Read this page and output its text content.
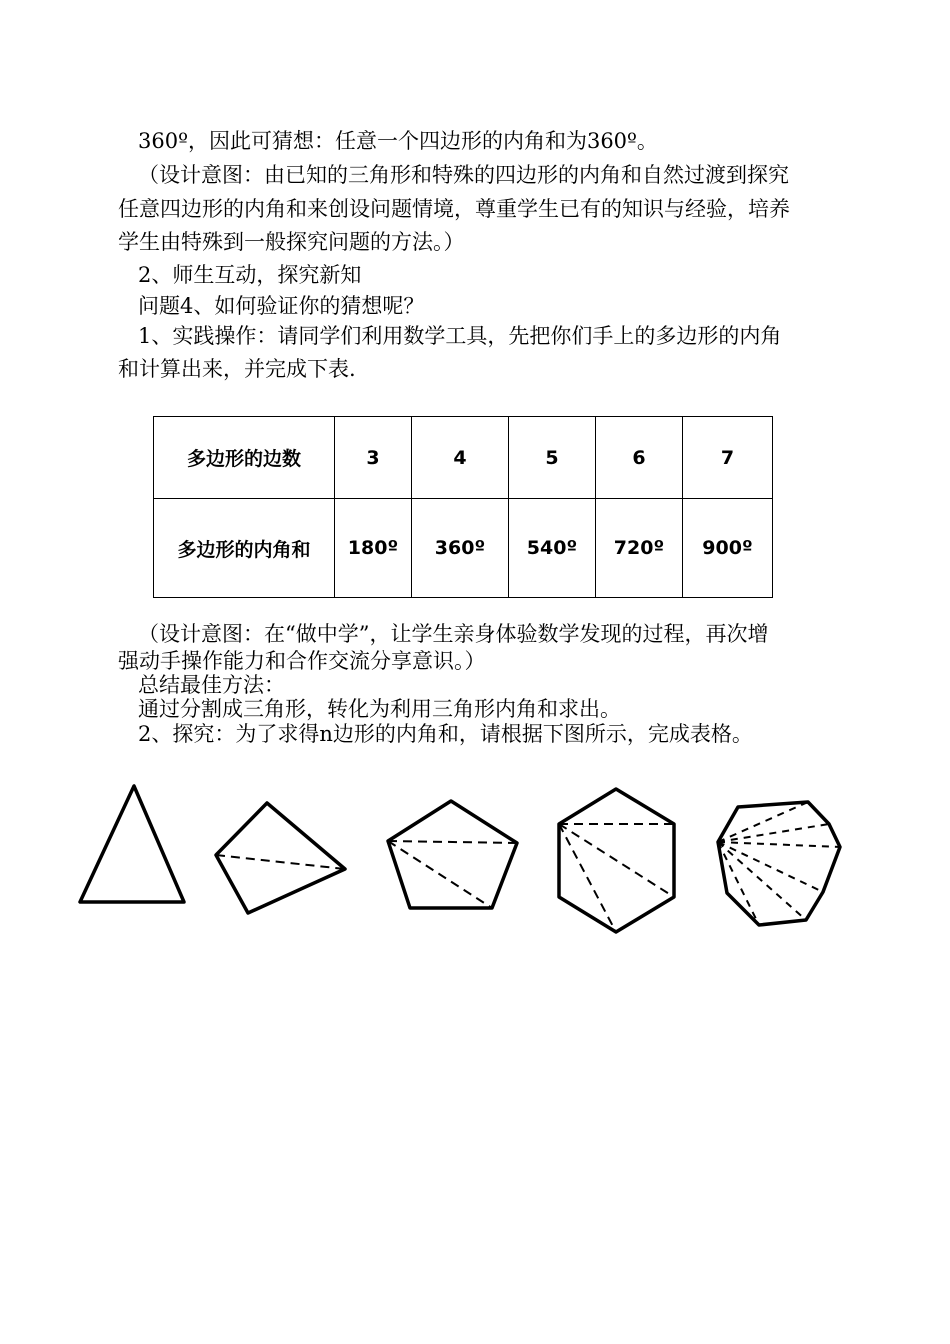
360º，因此可猜想：任意一个四边形的内角和为360º。
（设计意图：由已知的三角形和特殊的四边形的内角和自然过渡到探究
任意四边形的内角和来创设问题情境，尊重学生已有的知识与经验，培养
学生由特殊到一般探究问题的方法。）
2、师生互动，探究新知
问题4、如何验证你的猜想呢？
1、实践操作：请同学们利用数学工具，先把你们手上的多边形的内角
和计算出来，并完成下表.
多边形的边数	3	4	5	6	7
多边形的内角和	180º	360º	540º	720º	900º
（设计意图：在“做中学”，让学生亲身体验数学发现的过程，再次增
强动手操作能力和合作交流分享意识。）
总结最佳方法：
通过分割成三角形，转化为利用三角形内角和求出。
2、探究：为了求得n边形的内角和，请根据下图所示，完成表格。
